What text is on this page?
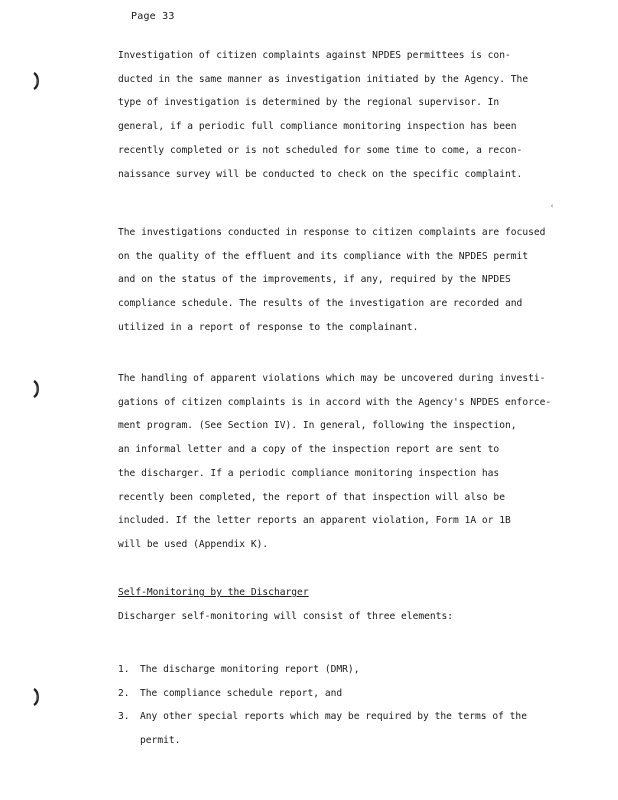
Page 33
Investigation of citizen complaints against NPDES permittees is con-
ducted in the same manner as investigation initiated by the Agency. The
type of investigation is determined by the regional supervisor. In
general, if a periodic full compliance monitoring inspection has been
recently completed or is not scheduled for some time to come, a recon-
naissance survey will be conducted to check on the specific complaint.
‹
The investigations conducted in response to citizen complaints are focused
on the quality of the effluent and its compliance with the NPDES permit
and on the status of the improvements, if any, required by the NPDES
compliance schedule. The results of the investigation are recorded and
utilized in a report of response to the complainant.
The handling of apparent violations which may be uncovered during investi-
gations of citizen complaints is in accord with the Agency's NPDES enforce-
ment program. (See Section IV). In general, following the inspection,
an informal letter and a copy of the inspection report are sent to
the discharger. If a periodic compliance monitoring inspection has
recently been completed, the report of that inspection will also be
included. If the letter reports an apparent violation, Form 1A or 1B
will be used (Appendix K).
Self-Monitoring by the Discharger
Discharger self-monitoring will consist of three elements:
1.	The discharge monitoring report (DMR),
2.	The compliance schedule report, and
3.	Any other special reports which may be required by the terms of the
permit.
